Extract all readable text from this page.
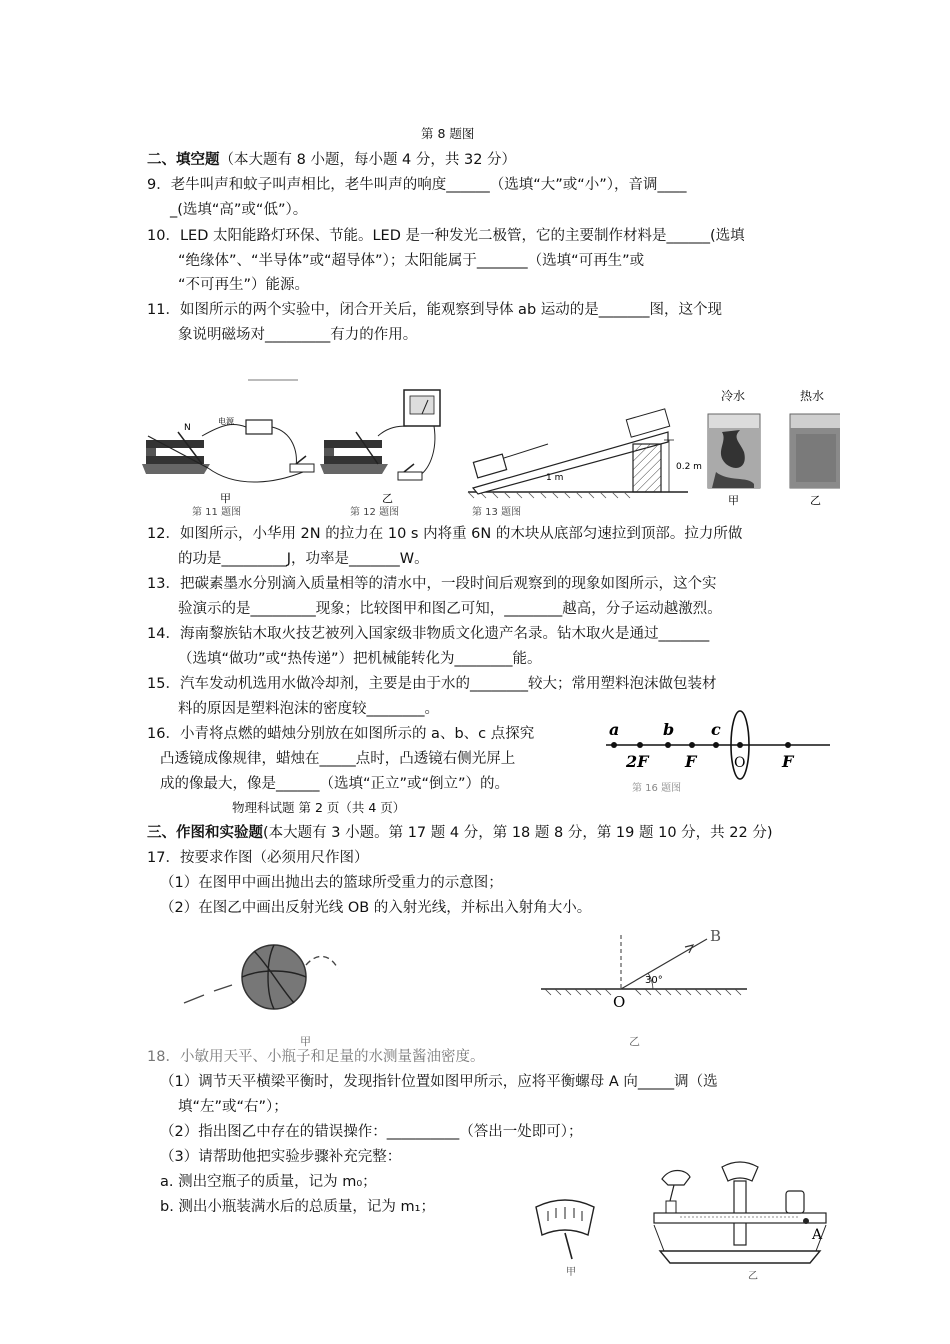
第 8 题图
二、填空题（本大题有 8 小题，每小题 4 分，共 32 分）
9．老牛叫声和蚊子叫声相比，老牛叫声的响度______（选填“大”或“小”），音调____
_(选填“高”或“低”）。
10．LED 太阳能路灯环保、节能。LED 是一种发光二极管，它的主要制作材料是______(选填
“绝缘体”、“半导体”或“超导体”）；太阳能属于_______（选填“可再生”或
“不可再生”）能源。
11．如图所示的两个实验中，闭合开关后，能观察到导体 ab 运动的是_______图，这个现
象说明磁场对_________有力的作用。
N
电源
甲
第 11 题图
乙
第 12 题图
1 m
0.2 m
第 13 题图
冷水	热水
甲	乙
12．如图所示，小华用 2N 的拉力在 10 s 内将重 6N 的木块从底部匀速拉到顶部。拉力所做
的功是_________J，功率是_______W。
13．把碳素墨水分别滴入质量相等的清水中，一段时间后观察到的现象如图所示，这个实
验演示的是_________现象；比较图甲和图乙可知，________越高，分子运动越激烈。
14．海南黎族钻木取火技艺被列入国家级非物质文化遗产名录。钻木取火是通过_______
（选填“做功”或“热传递”）把机械能转化为________能。
15．汽车发动机选用水做冷却剂，主要是由于水的________较大；常用塑料泡沫做包装材
料的原因是塑料泡沫的密度较________。
16．小青将点燃的蜡烛分别放在如图所示的 a、b、c 点探究
凸透镜成像规律，蜡烛在_____点时，凸透镜右侧光屏上
成的像最大，像是______（选填“正立”或“倒立”）的。
a	b c
2F F	O F
第 16 题图
物理科试题 第 2 页（共 4 页）
三、作图和实验题(本大题有 3 小题。第 17 题 4 分，第 18 题 8 分，第 19 题 10 分，共 22 分)
17．按要求作图（必须用尺作图）
（1）在图甲中画出抛出去的篮球所受重力的示意图；
（2）在图乙中画出反射光线 OB 的入射光线，并标出入射角大小。
甲
30°
O
B
乙
18．小敏用天平、小瓶子和足量的水测量酱油密度。
（1）调节天平横梁平衡时，发现指针位置如图甲所示，应将平衡螺母 A 向_____调（选
填“左”或“右”）；
（2）指出图乙中存在的错误操作：__________（答出一处即可）；
（3）请帮助他把实验步骤补充完整：
a. 测出空瓶子的质量，记为 m₀；
b. 测出小瓶装满水后的总质量，记为 m₁；
甲
A
乙
